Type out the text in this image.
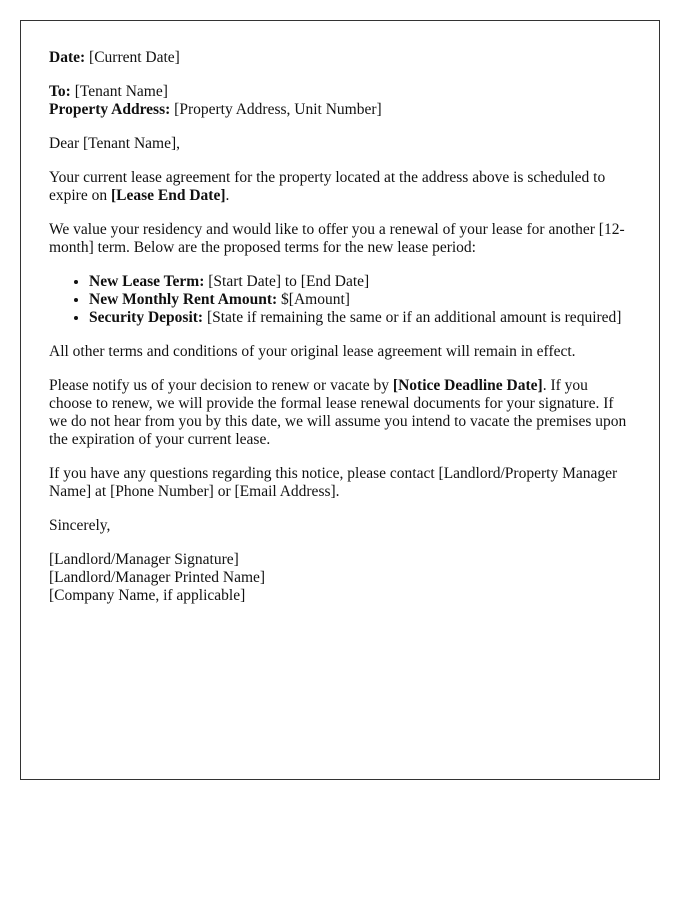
Date: [Current Date]

To: [Tenant Name]
Property Address: [Property Address, Unit Number]

Dear [Tenant Name],

Your current lease agreement for the property located at the address above is scheduled to expire on [Lease End Date].

We value your residency and would like to offer you a renewal of your lease for another [12-month] term. Below are the proposed terms for the new lease period:

• New Lease Term: [Start Date] to [End Date]
• New Monthly Rent Amount: $[Amount]
• Security Deposit: [State if remaining the same or if an additional amount is required]

All other terms and conditions of your original lease agreement will remain in effect.

Please notify us of your decision to renew or vacate by [Notice Deadline Date]. If you choose to renew, we will provide the formal lease renewal documents for your signature. If we do not hear from you by this date, we will assume you intend to vacate the premises upon the expiration of your current lease.

If you have any questions regarding this notice, please contact [Landlord/Property Manager Name] at [Phone Number] or [Email Address].

Sincerely,

[Landlord/Manager Signature]

[Landlord/Manager Printed Name]

[Company Name, if applicable]
